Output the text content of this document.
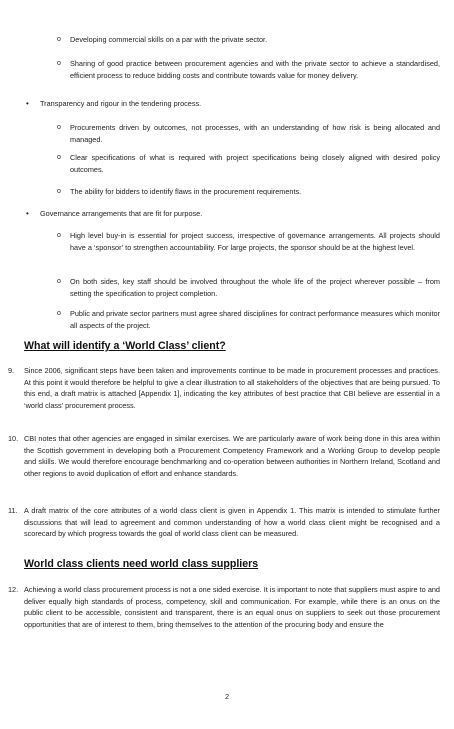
o Developing commercial skills on a par with the private sector.

o Sharing of good practice between procurement agencies and with the private sector to achieve a standardised, efficient process to reduce bidding costs and contribute towards value for money delivery.

• Transparency and rigour in the tendering process.

o Procurements driven by outcomes, not processes, with an understanding of how risk is being allocated and managed.

o Clear specifications of what is required with project specifications being closely aligned with desired policy outcomes.

o The ability for bidders to identify flaws in the procurement requirements.

• Governance arrangements that are fit for purpose.

o High level buy-in is essential for project success, irrespective of governance arrangements. All projects should have a ‘sponsor’ to strengthen accountability. For large projects, the sponsor should be at the highest level.

o On both sides, key staff should be involved throughout the whole life of the project wherever possible – from setting the specification to project completion.

o Public and private sector partners must agree shared disciplines for contract performance measures which monitor all aspects of the project.

What will identify a ‘World Class’ client?

9. Since 2006, significant steps have been taken and improvements continue to be made in procurement processes and practices. At this point it would therefore be helpful to give a clear illustration to all stakeholders of the objectives that are being pursued. To this end, a draft matrix is attached [Appendix 1], indicating the key attributes of best practice that CBI believe are essential in a ‘world class’ procurement process.

10. CBI notes that other agencies are engaged in similar exercises. We are particularly aware of work being done in this area within the Scottish government in developing both a Procurement Competency Framework and a Working Group to develop people and skills. We would therefore encourage benchmarking and co-operation between authorities in Northern Ireland, Scotland and other regions to avoid duplication of effort and enhance standards.

11. A draft matrix of the core attributes of a world class client is given in Appendix 1. This matrix is intended to stimulate further discussions that will lead to agreement and common understanding of how a world class client might be recognised and a scorecard by which progress towards the goal of world class client can be measured.

World class clients need world class suppliers

12. Achieving a world class procurement process is not a one sided exercise. It is important to note that suppliers must aspire to and deliver equally high standards of process, competency, skill and communication. For example, while there is an onus on the public client to be accessible, consistent and transparent, there is an equal onus on suppliers to seek out those procurement opportunities that are of interest to them, bring themselves to the attention of the procuring body and ensure the

2
